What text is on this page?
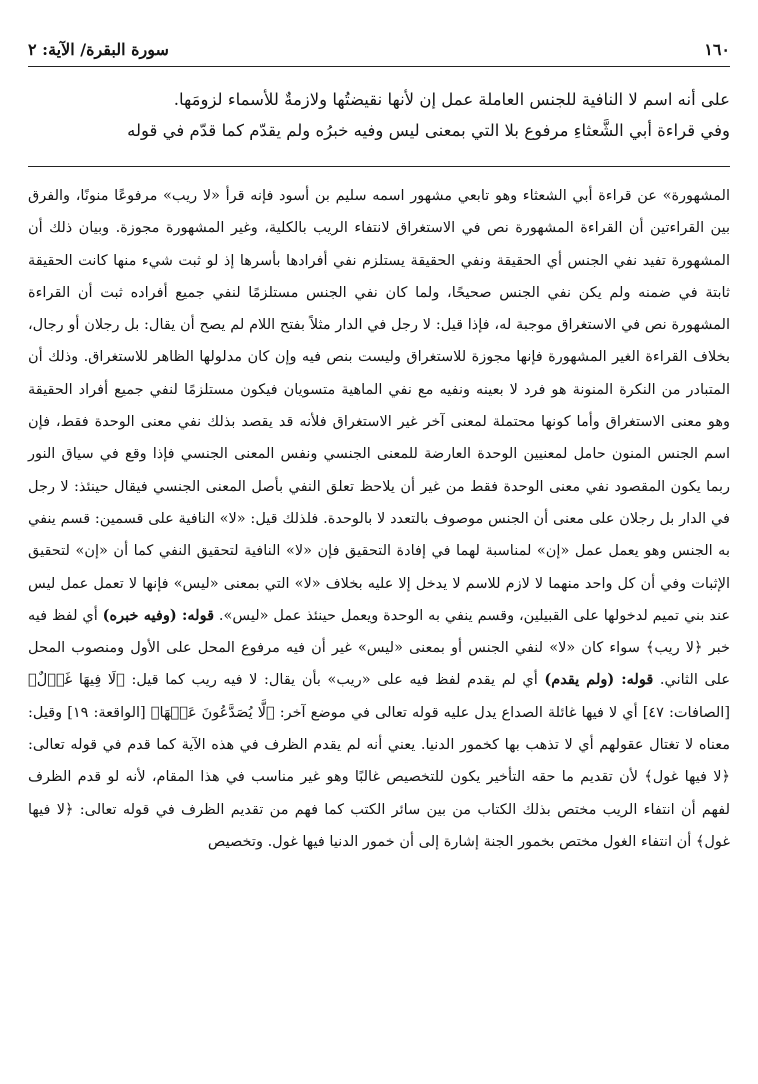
سورة البقرة/ الآية: ٢	١٦٠

على أنه اسم لا النافية للجنس العاملة عمل إن لأنها نقيضتُها ولازمةٌ للأسماء لزومَها.

وفي قراءة أبي الشَّعثاءِ مرفوع بلا التي بمعنى ليس وفيه خبرُه ولم يقدّم كما قدّم في قوله

المشهورة» عن قراءة أبي الشعثاء وهو تابعي مشهور اسمه سليم بن أسود فإنه قرأ «لا ريب» مرفوعًا منونًا، والفرق بين القراءتين أن القراءة المشهورة نص في الاستغراق لانتفاء الريب بالكلية، وغير المشهورة مجوزة. وبيان ذلك أن المشهورة تفيد نفي الجنس أي الحقيقة ونفي الحقيقة يستلزم نفي أفرادها بأسرها إذ لو ثبت شيء منها كانت الحقيقة ثابتة في ضمنه ولم يكن نفي الجنس صحيحًا، ولما كان نفي الجنس مستلزمًا لنفي جميع أفراده ثبت أن القراءة المشهورة نص في الاستغراق موجبة له، فإذا قيل: لا رجل في الدار مثلاً بفتح اللام لم يصح أن يقال: بل رجلان أو رجال، بخلاف القراءة الغير المشهورة فإنها مجوزة للاستغراق وليست بنص فيه وإن كان مدلولها الظاهر للاستغراق. وذلك أن المتبادر من النكرة المنونة هو فرد لا بعينه ونفيه مع نفي الماهية متسويان فيكون مستلزمًا لنفي جميع أفراد الحقيقة وهو معنى الاستغراق وأما كونها محتملة لمعنى آخر غير الاستغراق فلأنه قد يقصد بذلك نفي معنى الوحدة فقط، فإن اسم الجنس المنون حامل لمعنيين الوحدة العارضة للمعنى الجنسي ونفس المعنى الجنسي فإذا وقع في سياق النور ربما يكون المقصود نفي معنى الوحدة فقط من غير أن يلاحظ تعلق النفي بأصل المعنى الجنسي فيقال حينئذ: لا رجل في الدار بل رجلان على معنى أن الجنس موصوف بالتعدد لا بالوحدة. فلذلك قيل: «لا» النافية على قسمين: قسم ينفي به الجنس وهو يعمل عمل «إن» لمناسبة لهما في إفادة التحقيق فإن «لا» النافية لتحقيق النفي كما أن «إن» لتحقيق الإثبات وفي أن كل واحد منهما لا لازم للاسم لا يدخل إلا عليه بخلاف «لا» التي بمعنى «ليس» فإنها لا تعمل عمل ليس عند بني تميم لدخولها على القبيلين، وقسم ينفي به الوحدة ويعمل حينئذ عمل «ليس». قوله: (وفيه خبره) أي لفظ فيه خبر ﴿لا ريب﴾ سواء كان «لا» لنفي الجنس أو بمعنى «ليس» غير أن فيه مرفوع المحل على الأول ومنصوب المحل على الثاني. قوله: (ولم يقدم) أي لم يقدم لفظ فيه على «ريب» بأن يقال: لا فيه ريب كما قيل: ﴿لَا فِيهَا غَوۡلٌ﴾ [الصافات: ٤٧] أي لا فيها غائلة الصداع يدل عليه قوله تعالى في موضع آخر: ﴿لَّا يُصَدَّعُونَ عَنۡهَا﴾ [الواقعة: ١٩] وقيل: معناه لا تغتال عقولهم أي لا تذهب بها كخمور الدنيا. يعني أنه لم يقدم الظرف في هذه الآية كما قدم في قوله تعالى: ﴿لا فيها غول﴾ لأن تقديم ما حقه التأخير يكون للتخصيص غالبًا وهو غير مناسب في هذا المقام، لأنه لو قدم الظرف لفهم أن انتفاء الريب مختص بذلك الكتاب من بين سائر الكتب كما فهم من تقديم الظرف في قوله تعالى: ﴿لا فيها غول﴾ أن انتفاء الغول مختص بخمور الجنة إشارة إلى أن خمور الدنيا فيها غول. وتخصيص
